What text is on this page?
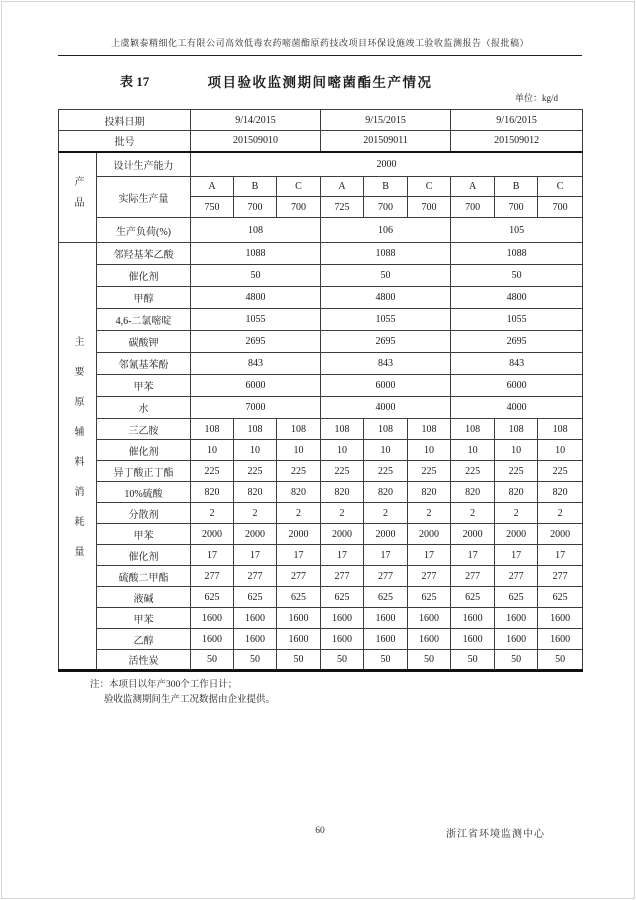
上虞颖泰精细化工有限公司高效低毒农药嘧菌酯原药技改项目环保设施竣工验收监测报告（报批稿）
表 17	项目验收监测期间嘧菌酯生产情况
单位：kg/d
投料日期		9/14/2015			9/15/2015			9/16/2015		
批号		201509010			201509011			201509012		
产品	设计生产能力	2000								
	实际生产量	A	B	C	A	B	C	A	B	C
		750	700	700	725	700	700	700	700	700
	生产负荷(%)	108			106			105		
主要原辅料消耗量	邻羟基苯乙酸	1088			1088			1088		
	催化剂	50			50			50		
	甲醇	4800			4800			4800		
	4,6-二氯嘧啶	1055			1055			1055		
	碳酸钾	2695			2695			2695		
	邻氰基苯酚	843			843			843		
	甲苯	6000			6000			6000		
	水	7000			4000			4000		
	三乙胺	108	108	108	108	108	108	108	108	108
	催化剂	10	10	10	10	10	10	10	10	10
	异丁酸正丁酯	225	225	225	225	225	225	225	225	225
	10%硫酸	820	820	820	820	820	820	820	820	820
	分散剂	2	2	2	2	2	2	2	2	2
	甲苯	2000	2000	2000	2000	2000	2000	2000	2000	2000
	催化剂	17	17	17	17	17	17	17	17	17
	硫酸二甲酯	277	277	277	277	277	277	277	277	277
	液碱	625	625	625	625	625	625	625	625	625
	甲苯	1600	1600	1600	1600	1600	1600	1600	1600	1600
	乙醇	1600	1600	1600	1600	1600	1600	1600	1600	1600
	活性炭	50	50	50	50	50	50	50	50	50
注：本项目以年产300个工作日计；
验收监测期间生产工况数据由企业提供。
60	浙江省环境监测中心
